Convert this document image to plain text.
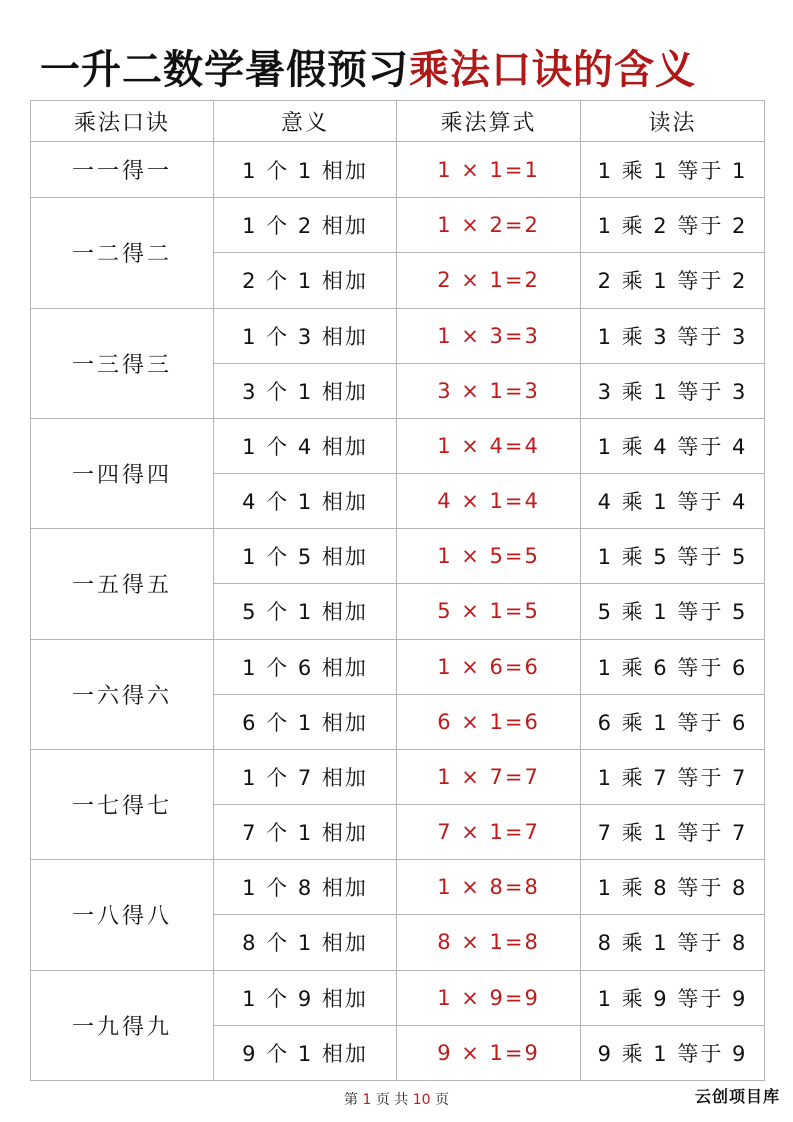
一升二数学暑假预习乘法口诀的含义
乘法口诀	意义	乘法算式	读法
一一得一	1 个 1 相加	1 × 1=1	1 乘 1 等于 1
一二得二	1 个 2 相加	1 × 2=2	1 乘 2 等于 2
	2 个 1 相加	2 × 1=2	2 乘 1 等于 2
一三得三	1 个 3 相加	1 × 3=3	1 乘 3 等于 3
	3 个 1 相加	3 × 1=3	3 乘 1 等于 3
一四得四	1 个 4 相加	1 × 4=4	1 乘 4 等于 4
	4 个 1 相加	4 × 1=4	4 乘 1 等于 4
一五得五	1 个 5 相加	1 × 5=5	1 乘 5 等于 5
	5 个 1 相加	5 × 1=5	5 乘 1 等于 5
一六得六	1 个 6 相加	1 × 6=6	1 乘 6 等于 6
	6 个 1 相加	6 × 1=6	6 乘 1 等于 6
一七得七	1 个 7 相加	1 × 7=7	1 乘 7 等于 7
	7 个 1 相加	7 × 1=7	7 乘 1 等于 7
一八得八	1 个 8 相加	1 × 8=8	1 乘 8 等于 8
	8 个 1 相加	8 × 1=8	8 乘 1 等于 8
一九得九	1 个 9 相加	1 × 9=9	1 乘 9 等于 9
	9 个 1 相加	9 × 1=9	9 乘 1 等于 9
第 1 页 共 10 页	云创项目库
